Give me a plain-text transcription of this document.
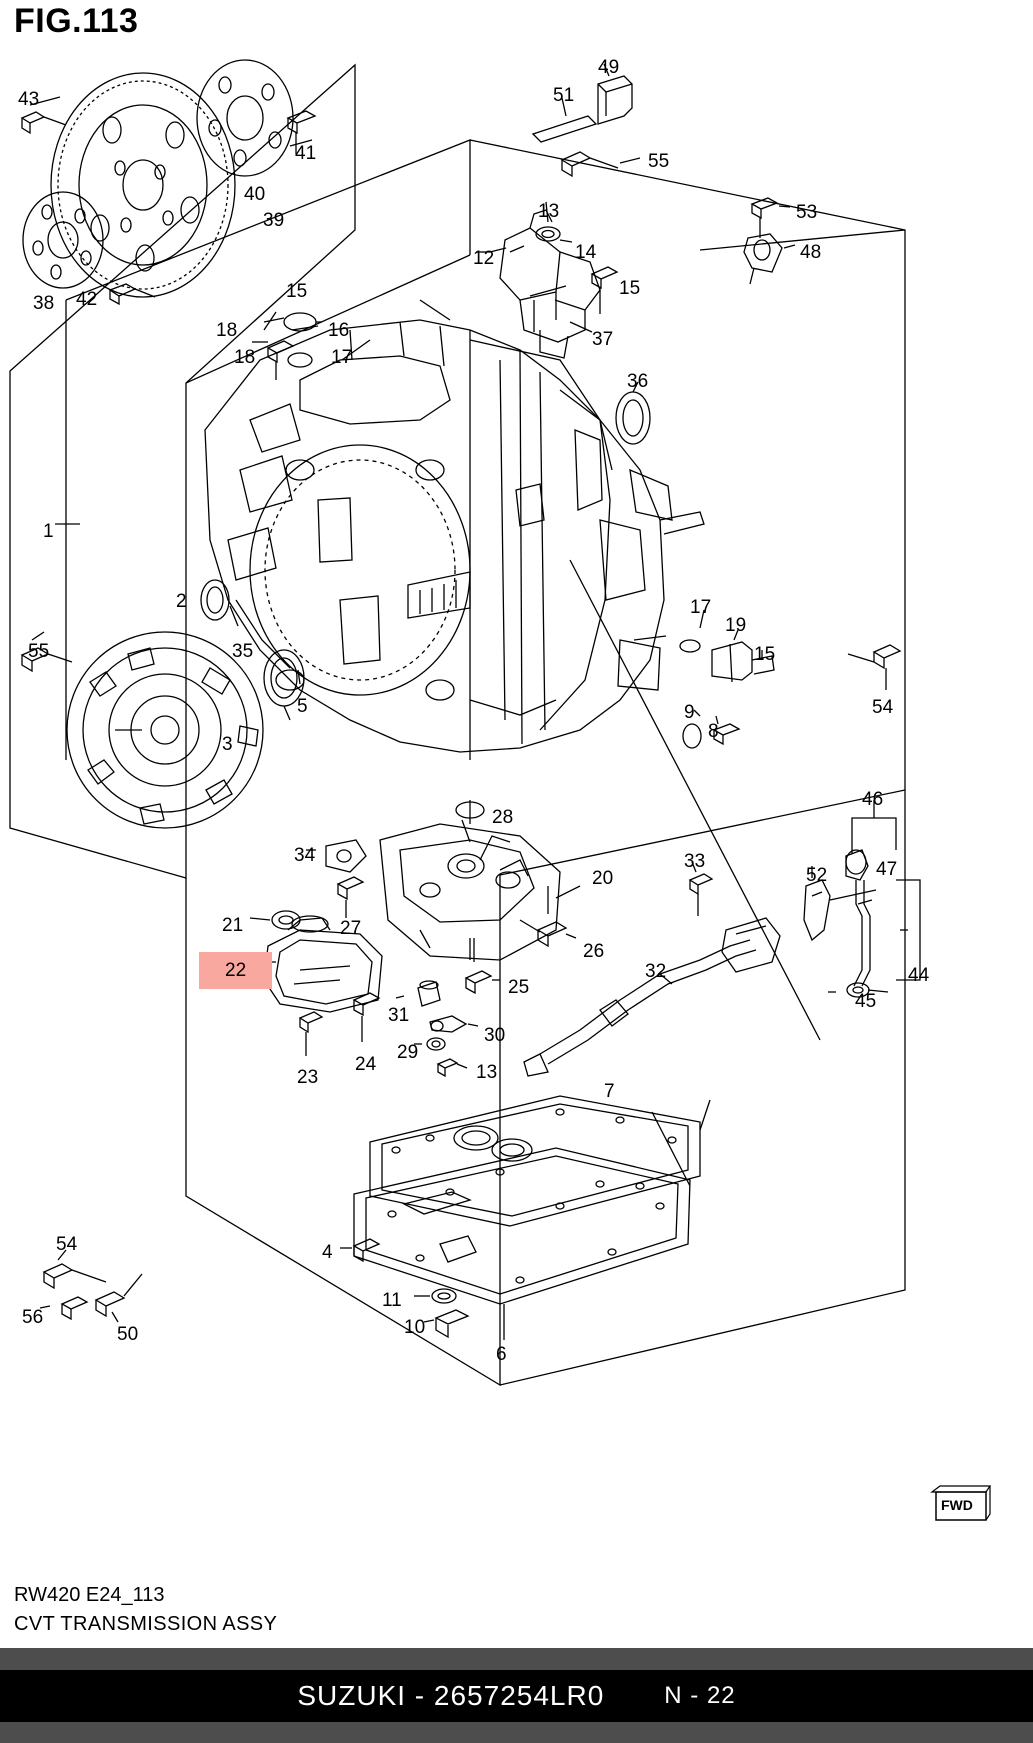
FIG.113
FWD
43
41
40
39
38 42
49
51
55
53
48
13
14
12
15
15
16
18
18	17
37
36
1
55
2
35
5
3
17
19
15
54
9
8
28
34
20
33
46
47
52
21	27
26
44
32
25
45
31
30
29
23
24	13
7
4
11
10
6
54
56
50
22
RW420 E24_113
CVT TRANSMISSION ASSY
SUZUKI - 2657254LR0	N - 22
